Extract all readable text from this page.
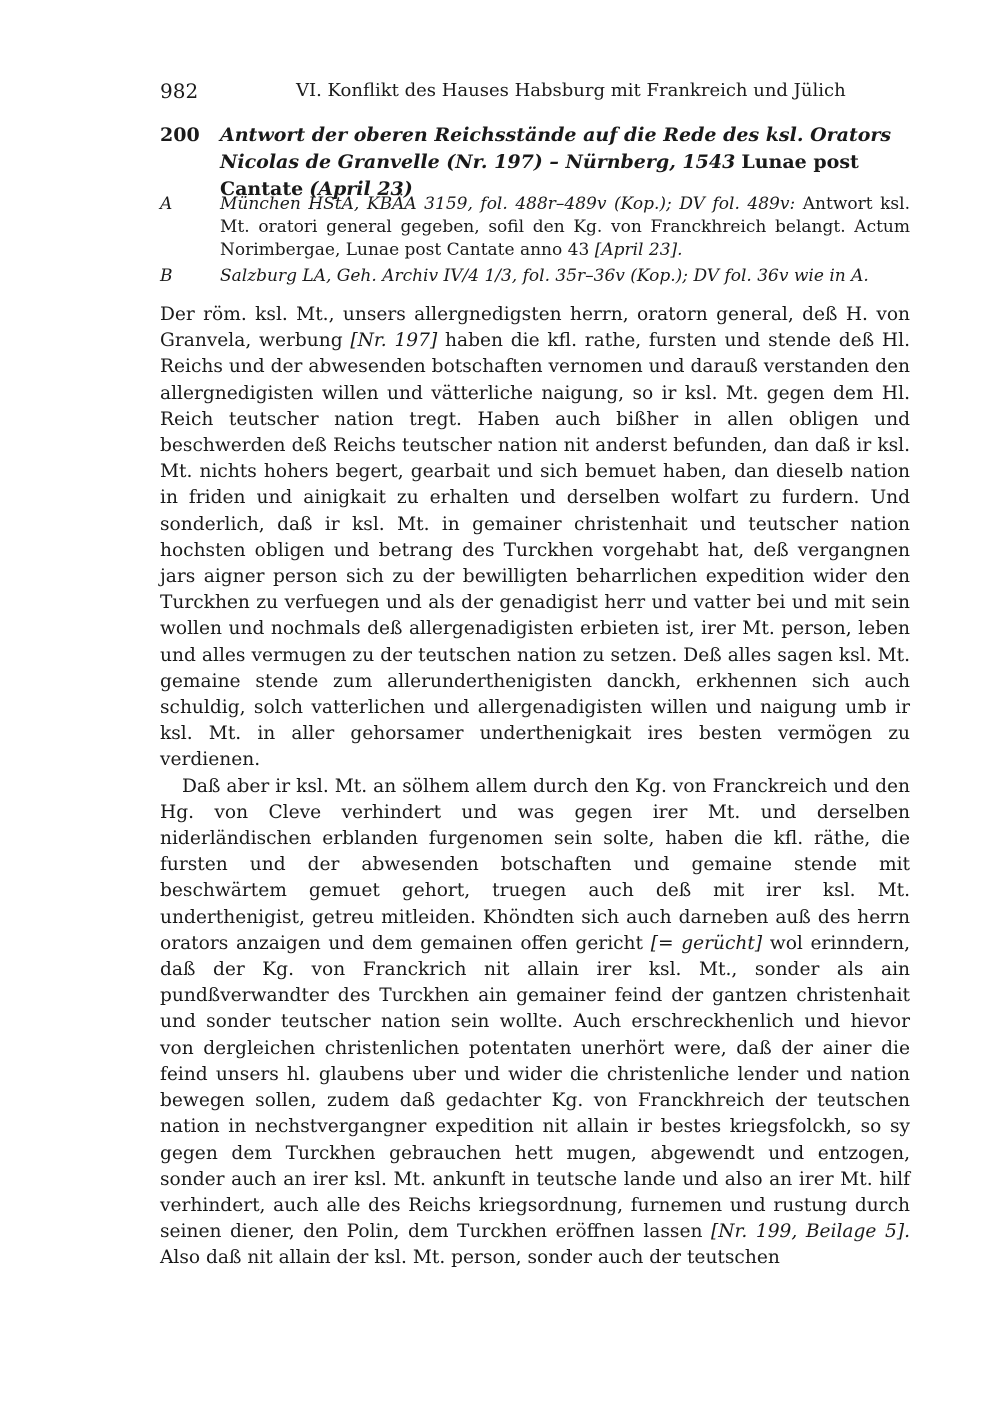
982	VI. Konflikt des Hauses Habsburg mit Frankreich und Jülich
200 Antwort der oberen Reichsstände auf die Rede des ksl. Orators Nicolas de Granvelle (Nr. 197) – Nürnberg, 1543 Lunae post Cantate (April 23)
A	München HStA, KBÄA 3159, fol. 488r–489v (Kop.); DV fol. 489v: Antwort ksl. Mt. oratori general gegeben, sofil den Kg. von Franckhreich belangt. Actum Norimbergae, Lunae post Cantate anno 43 [April 23].
B	Salzburg LA, Geh. Archiv IV/4 1/3, fol. 35r–36v (Kop.); DV fol. 36v wie in A.

Der röm. ksl. Mt., unsers allergnedigsten herrn, oratorn general, deß H. von Granvela, werbung [Nr. 197] haben die kfl. rathe, fursten und stende deß Hl. Reichs und der abwesenden botschaften vernomen und darauß verstanden den allergnedigisten willen und vätterliche naigung, so ir ksl. Mt. gegen dem Hl. Reich teutscher nation tregt. Haben auch bißher in allen obligen und beschwerden deß Reichs teutscher nation nit anderst befunden, dan daß ir ksl. Mt. nichts hohers begert, gearbait und sich bemuet haben, dan dieselb nation in friden und ainigkait zu erhalten und derselben wolfart zu furdern. Und sonderlich, daß ir ksl. Mt. in gemainer christenhait und teutscher nation hochsten obligen und betrang des Turckhen vorgehabt hat, deß vergangnen jars aigner person sich zu der bewilligten beharrlichen expedition wider den Turckhen zu verfuegen und als der genadigist herr und vatter bei und mit sein wollen und nochmals deß allergenadigisten erbieten ist, irer Mt. person, leben und alles vermugen zu der teutschen nation zu setzen. Deß alles sagen ksl. Mt. gemaine stende zum allerunderthenigisten danckh, erkhennen sich auch schuldig, solch vatterlichen und allergenadigisten willen und naigung umb ir ksl. Mt. in aller gehorsamer underthenigkait ires besten vermögen zu verdienen.

Daß aber ir ksl. Mt. an sölhem allem durch den Kg. von Franckreich und den Hg. von Cleve verhindert und was gegen irer Mt. und derselben niderländischen erblanden furgenomen sein solte, haben die kfl. räthe, die fursten und der abwesenden botschaften und gemaine stende mit beschwärtem gemuet gehort, truegen auch deß mit irer ksl. Mt. underthenigist, getreu mitleiden. Khöndten sich auch darneben auß des herrn orators anzaigen und dem gemainen offen gericht [= gerücht] wol erinndern, daß der Kg. von Franckrich nit allain irer ksl. Mt., sonder als ain pundßverwandter des Turckhen ain gemainer feind der gantzen christenhait und sonder teutscher nation sein wollte. Auch erschreckhenlich und hievor von dergleichen christenlichen potentaten unerhört were, daß der ainer die feind unsers hl. glaubens uber und wider die christenliche lender und nation bewegen sollen, zudem daß gedachter Kg. von Franckhreich der teutschen nation in nechstvergangner expedition nit allain ir bestes kriegsfolckh, so sy gegen dem Turckhen gebrauchen hett mugen, abgewendt und entzogen, sonder auch an irer ksl. Mt. ankunft in teutsche lande und also an irer Mt. hilf verhindert, auch alle des Reichs kriegsordnung, furnemen und rustung durch seinen diener, den Polin, dem Turckhen eröffnen lassen [Nr. 199, Beilage 5]. Also daß nit allain der ksl. Mt. person, sonder auch der teutschen
